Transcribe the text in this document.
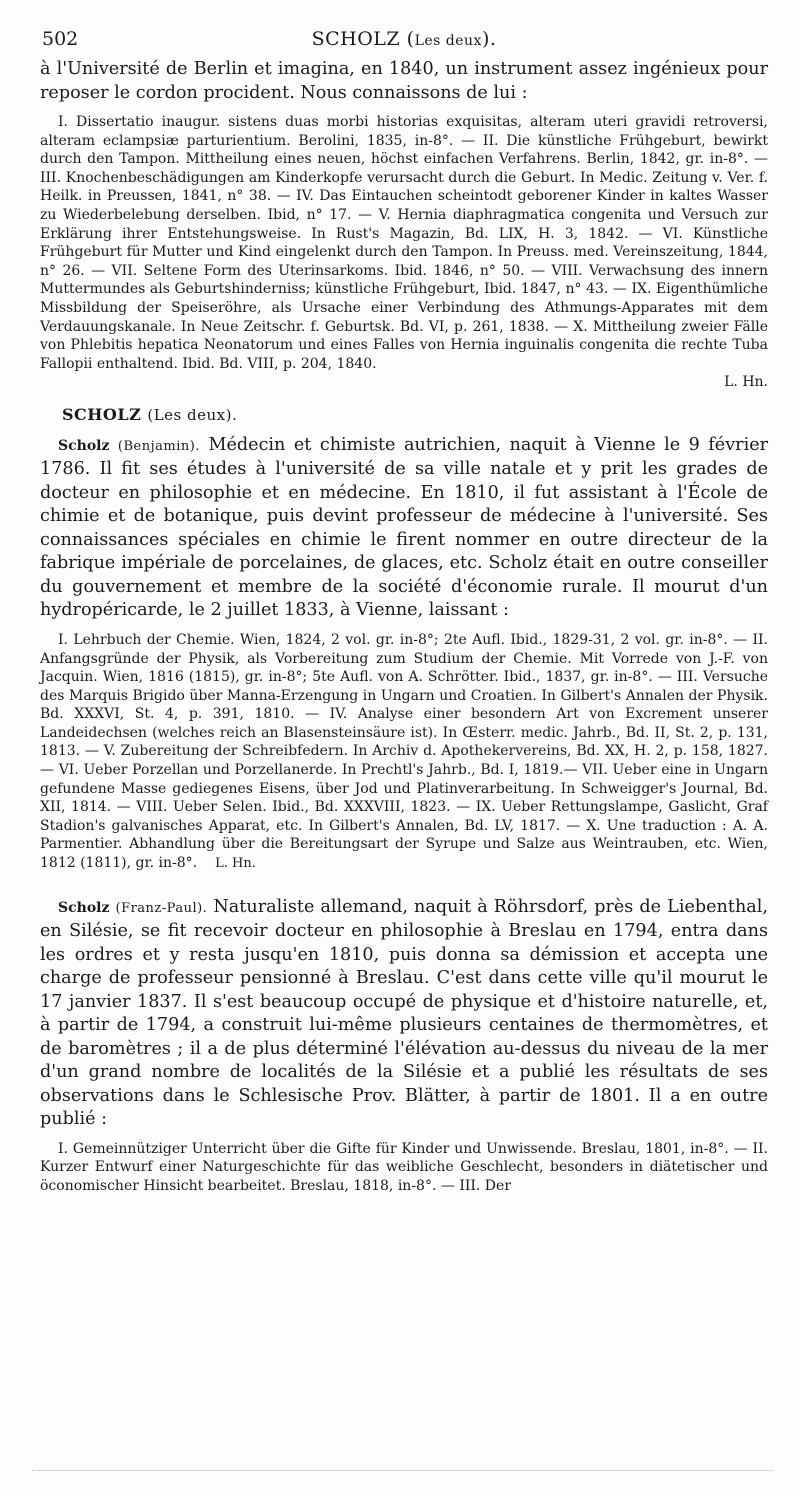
502	SCHOLZ (Les deux).

à l'Université de Berlin et imagina, en 1840, un instrument assez ingénieux pour reposer le cordon procident. Nous connaissons de lui :

I. Dissertatio inaugur. sistens duas morbi historias exquisitas, alteram uteri gravidi retroversi, alteram eclampsiæ parturientium. Berolini, 1835, in-8°. — II. Die künstliche Frühgeburt, bewirkt durch den Tampon. Mittheilung eines neuen, höchst einfachen Verfahrens. Berlin, 1842, gr. in-8°. — III. Knochenbeschädigungen am Kinderkopfe verursacht durch die Geburt. In Medic. Zeitung v. Ver. f. Heilk. in Preussen, 1841, n° 38. — IV. Das Eintauchen scheintodt geborener Kinder in kaltes Wasser zu Wiederbelebung derselben. Ibid, n° 17. — V. Hernia diaphragmatica congenita und Versuch zur Erklärung ihrer Entstehungsweise. In Rust's Magazin, Bd. LIX, H. 3, 1842. — VI. Künstliche Frühgeburt für Mutter und Kind eingelenkt durch den Tampon. In Preuss. med. Vereinszeitung, 1844, n° 26. — VII. Seltene Form des Uterinsarkoms. Ibid. 1846, n° 50. — VIII. Verwachsung des innern Muttermundes als Geburtshinderniss; künstliche Frühgeburt, Ibid. 1847, n° 43. — IX. Eigenthümliche Missbildung der Speiseröhre, als Ursache einer Verbindung des Athmungs-Apparates mit dem Verdauungskanale. In Neue Zeitschr. f. Geburtsk. Bd. VI, p. 261, 1838. — X. Mittheilung zweier Fälle von Phlebitis hepatica Neonatorum und eines Falles von Hernia inguinalis congenita die rechte Tuba Fallopii enthaltend. Ibid. Bd. VIII, p. 204, 1840.

L. Hn.

SCHOLZ (Les deux).

Scholz (Benjamin). Médecin et chimiste autrichien, naquit à Vienne le 9 février 1786. Il fit ses études à l'université de sa ville natale et y prit les grades de docteur en philosophie et en médecine. En 1810, il fut assistant à l'École de chimie et de botanique, puis devint professeur de médecine à l'université. Ses connaissances spéciales en chimie le firent nommer en outre directeur de la fabrique impériale de porcelaines, de glaces, etc. Scholz était en outre conseiller du gouvernement et membre de la société d'économie rurale. Il mourut d'un hydropéricarde, le 2 juillet 1833, à Vienne, laissant :

I. Lehrbuch der Chemie. Wien, 1824, 2 vol. gr. in-8°; 2te Aufl. Ibid., 1829-31, 2 vol. gr. in-8°. — II. Anfangsgründe der Physik, als Vorbereitung zum Studium der Chemie. Mit Vorrede von J.-F. von Jacquin. Wien, 1816 (1815), gr. in-8°; 5te Aufl. von A. Schrötter. Ibid., 1837, gr. in-8°. — III. Versuche des Marquis Brigido über Manna-Erzengung in Ungarn und Croatien. In Gilbert's Annalen der Physik. Bd. XXXVI, St. 4, p. 391, 1810. — IV. Analyse einer besondern Art von Excrement unserer Landeidechsen (welches reich an Blasensteinsäure ist). In Œsterr. medic. Jahrb., Bd. II, St. 2, p. 131, 1813. — V. Zubereitung der Schreibfedern. In Archiv d. Apothekervereins, Bd. XX, H. 2, p. 158, 1827. — VI. Ueber Porzellan und Porzellanerde. In Prechtl's Jahrb., Bd. I, 1819.— VII. Ueber eine in Ungarn gefundene Masse gediegenes Eisens, über Jod und Platinverarbeitung. In Schweigger's Journal, Bd. XII, 1814. — VIII. Ueber Selen. Ibid., Bd. XXXVIII, 1823. — IX. Ueber Rettungslampe, Gaslicht, Graf Stadion's galvanisches Apparat, etc. In Gilbert's Annalen, Bd. LV, 1817. — X. Une traduction : A. A. Parmentier. Abhandlung über die Bereitungsart der Syrupe und Salze aus Weintrauben, etc. Wien, 1812 (1811), gr. in-8°. L. Hn.

Scholz (Franz-Paul). Naturaliste allemand, naquit à Röhrsdorf, près de Liebenthal, en Silésie, se fit recevoir docteur en philosophie à Breslau en 1794, entra dans les ordres et y resta jusqu'en 1810, puis donna sa démission et accepta une charge de professeur pensionné à Breslau. C'est dans cette ville qu'il mourut le 17 janvier 1837. Il s'est beaucoup occupé de physique et d'histoire naturelle, et, à partir de 1794, a construit lui-même plusieurs centaines de thermomètres, et de baromètres ; il a de plus déterminé l'élévation au-dessus du niveau de la mer d'un grand nombre de localités de la Silésie et a publié les résultats de ses observations dans le Schlesische Prov. Blätter, à partir de 1801. Il a en outre publié :

I. Gemeinnütziger Unterricht über die Gifte für Kinder und Unwissende. Breslau, 1801, in-8°. — II. Kurzer Entwurf einer Naturgeschichte für das weibliche Geschlecht, besonders in diätetischer und öconomischer Hinsicht bearbeitet. Breslau, 1818, in-8°. — III. Der
